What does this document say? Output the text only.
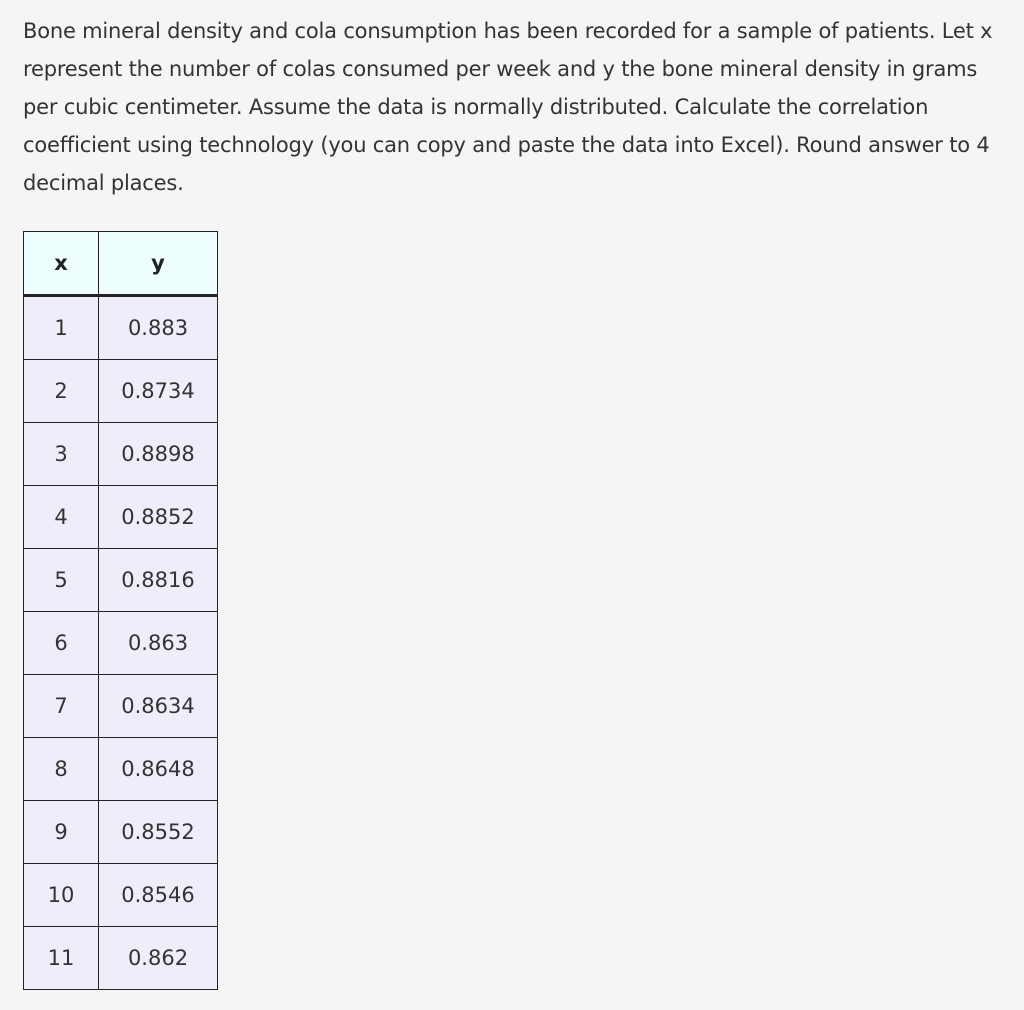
Bone mineral density and cola consumption has been recorded for a sample of patients. Let x represent the number of colas consumed per week and y the bone mineral density in grams per cubic centimeter. Assume the data is normally distributed. Calculate the correlation coefficient using technology (you can copy and paste the data into Excel). Round answer to 4 decimal places.

x	y
1	0.883
2	0.8734
3	0.8898
4	0.8852
5	0.8816
6	0.863
7	0.8634
8	0.8648
9	0.8552
10	0.8546
11	0.862
